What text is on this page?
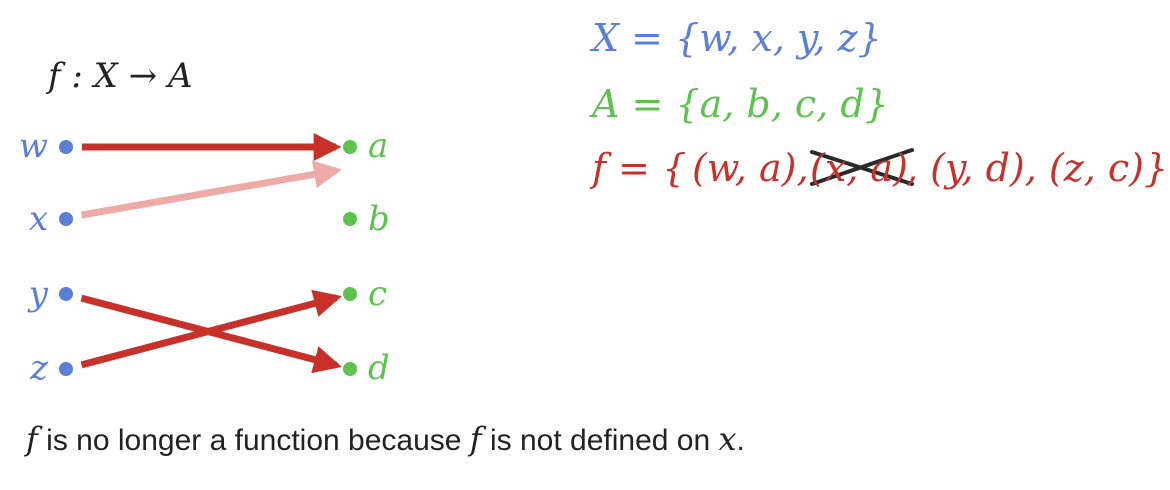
f : X → A
w
x
y
z
a
b
c
d
X = {w, x, y, z}
A = {a, b, c, d}
f = { (w, a), (x, a)
, (y, d), (z, c)}
f is no longer a function because f is not defined on x.
